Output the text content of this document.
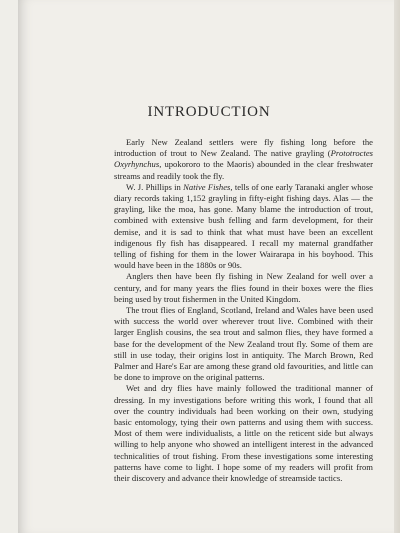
INTRODUCTION

Early New Zealand settlers were fly fishing long before the introduction of trout to New Zealand. The native grayling (Prototroctes Oxyrhynchus, upokororo to the Maoris) abounded in the clear freshwater streams and readily took the fly.

W. J. Phillips in Native Fishes, tells of one early Taranaki angler whose diary records taking 1,152 grayling in fifty-eight fishing days. Alas — the grayling, like the moa, has gone. Many blame the introduction of trout, combined with extensive bush felling and farm development, for their demise, and it is sad to think that what must have been an excellent indigenous fly fish has disappeared. I recall my maternal grandfather telling of fishing for them in the lower Wairarapa in his boyhood. This would have been in the 1880s or 90s.

Anglers then have been fly fishing in New Zealand for well over a century, and for many years the flies found in their boxes were the flies being used by trout fishermen in the United Kingdom.

The trout flies of England, Scotland, Ireland and Wales have been used with success the world over wherever trout live. Combined with their larger English cousins, the sea trout and salmon flies, they have formed a base for the development of the New Zealand trout fly. Some of them are still in use today, their origins lost in antiquity. The March Brown, Red Palmer and Hare's Ear are among these grand old favourities, and little can be done to improve on the original patterns.

Wet and dry flies have mainly followed the traditional manner of dressing. In my investigations before writing this work, I found that all over the country individuals had been working on their own, studying basic entomology, tying their own patterns and using them with success. Most of them were individualists, a little on the reticent side but always willing to help anyone who showed an intelligent interest in the advanced technicalities of trout fishing. From these investigations some interesting patterns have come to light. I hope some of my readers will profit from their discovery and advance their knowledge of streamside tactics.
